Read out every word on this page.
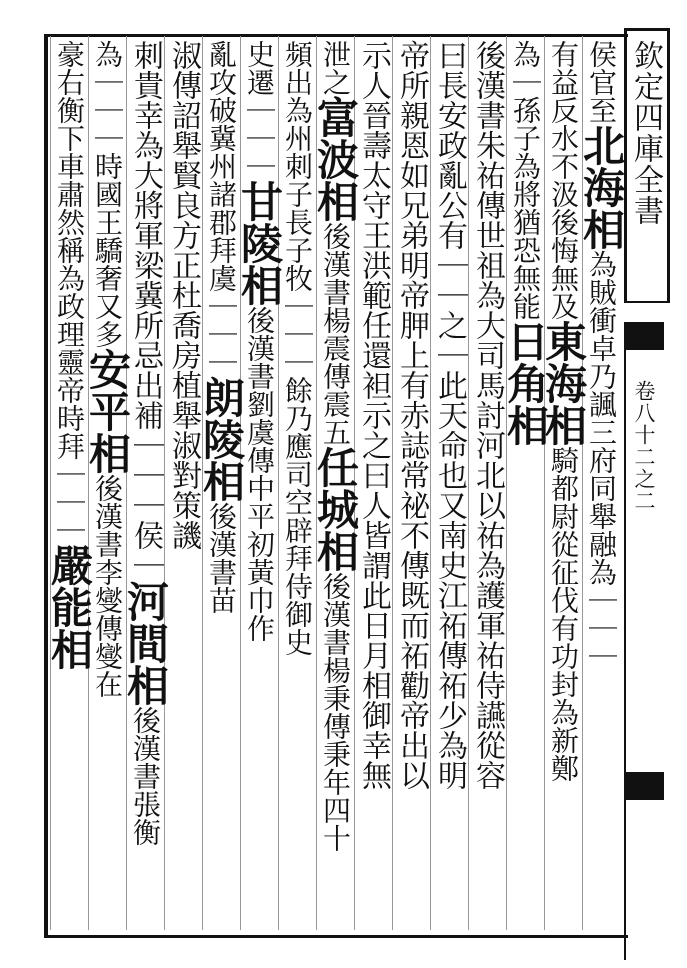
欽定四庫全書
卷八十二之二
侯官至
北海相
為賊衝卓乃諷三府同舉融為｜｜｜
有益反水不汲後悔無及
東海相
騎都尉從征伐有功封為新鄭
為｜孫子為將猶恐無能
日角相
後漢書朱祐傳世祖為大司馬討河北以祐為護軍祐侍讌從容
曰長安政亂公有｜｜之｜此天命也又南史江祏傳祏少為明
帝所親恩如兄弟明帝胛上有赤誌常祕不傳既而祏勸帝出以
示人晉壽太守王洪範任還袒示之曰人皆謂此日月相御幸無
泄之
富波相
後漢書楊震傳震
五
任城相
後漢書楊秉傳秉年四十
頻出為州刺
子長子牧｜｜｜
餘乃應司空辟拜侍御史
史遷｜｜｜
甘陵相
後漢書劉虞傳中平初黃巾作
亂攻破冀州諸郡拜虞｜｜｜
朗陵相
後漢書苗
淑傳詔舉賢良方正杜喬房植舉淑對策譏
刺貴幸為大將軍梁冀所忌出補｜｜｜侯｜
河間相
後漢書張衡
為｜｜｜時國王驕奢又多
安平相
後漢書李燮傳燮在
豪右衡下車肅然稱為政理
靈帝時拜｜｜｜
嚴能相
